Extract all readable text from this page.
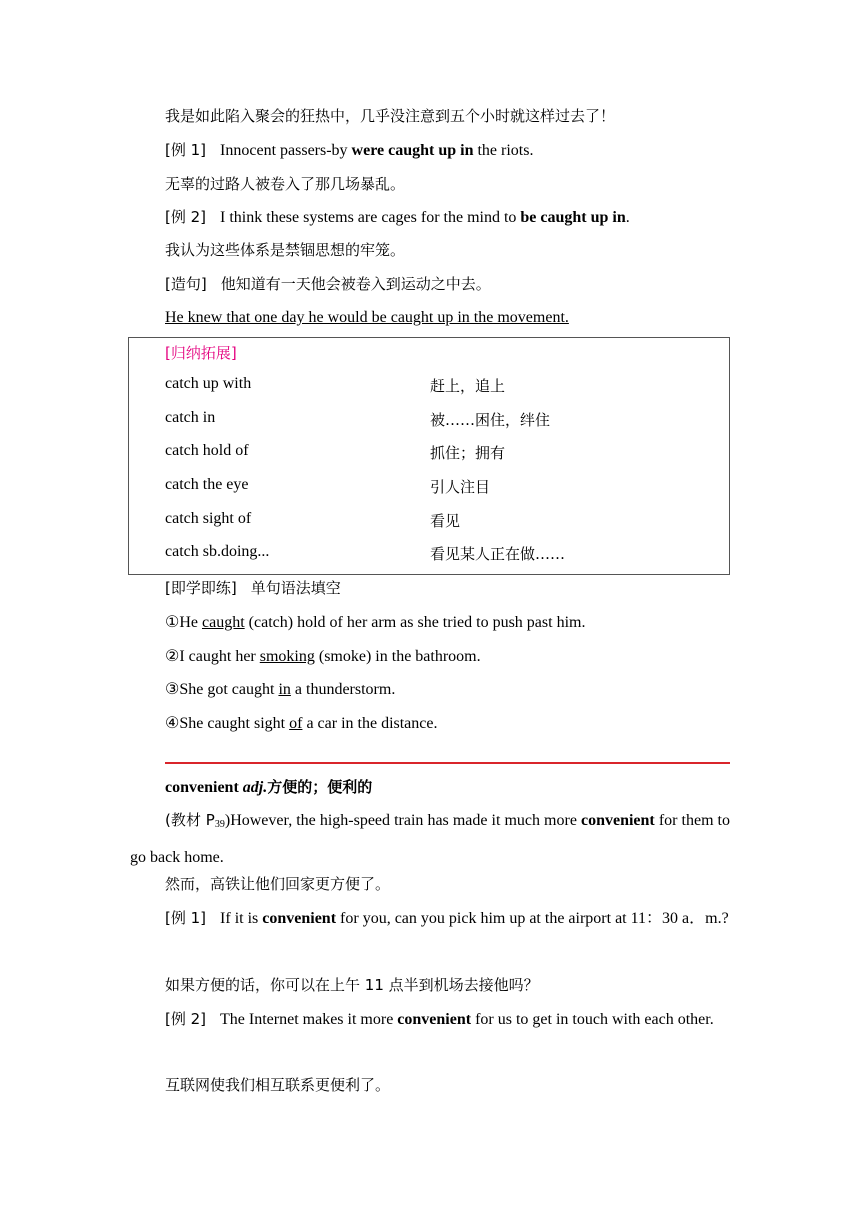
我是如此陷入聚会的狂热中，几乎没注意到五个小时就这样过去了！
[例 1] Innocent passers-by were caught up in the riots.
无辜的过路人被卷入了那几场暴乱。
[例 2] I think these systems are cages for the mind to be caught up in.
我认为这些体系是禁锢思想的牢笼。
[造句] 他知道有一天他会被卷入到运动之中去。
He knew that one day he would be caught up in the movement.
[归纳拓展]
catch up with	赶上，追上
catch in	被……困住，绊住
catch hold of	抓住；拥有
catch the eye	引人注目
catch sight of	看见
catch sb.doing...	看见某人正在做……
[即学即练] 单句语法填空
①He caught (catch) hold of her arm as she tried to push past him.
②I caught her smoking (smoke) in the bathroom.
③She got caught in a thunderstorm.
④She caught sight of a car in the distance.
convenient adj.方便的；便利的
(教材 $P_{39})However$, the high-speed train has made it much more convenient for them to go back home.
然而，高铁让他们回家更方便了。
[例 1] If it is convenient for you, can you pick him up at the airport at 11：30 a．m.?
如果方便的话，你可以在上午 11 点半到机场去接他吗？
[例 2] The Internet makes it more convenient for us to get in touch with each other.
互联网使我们相互联系更便利了。
